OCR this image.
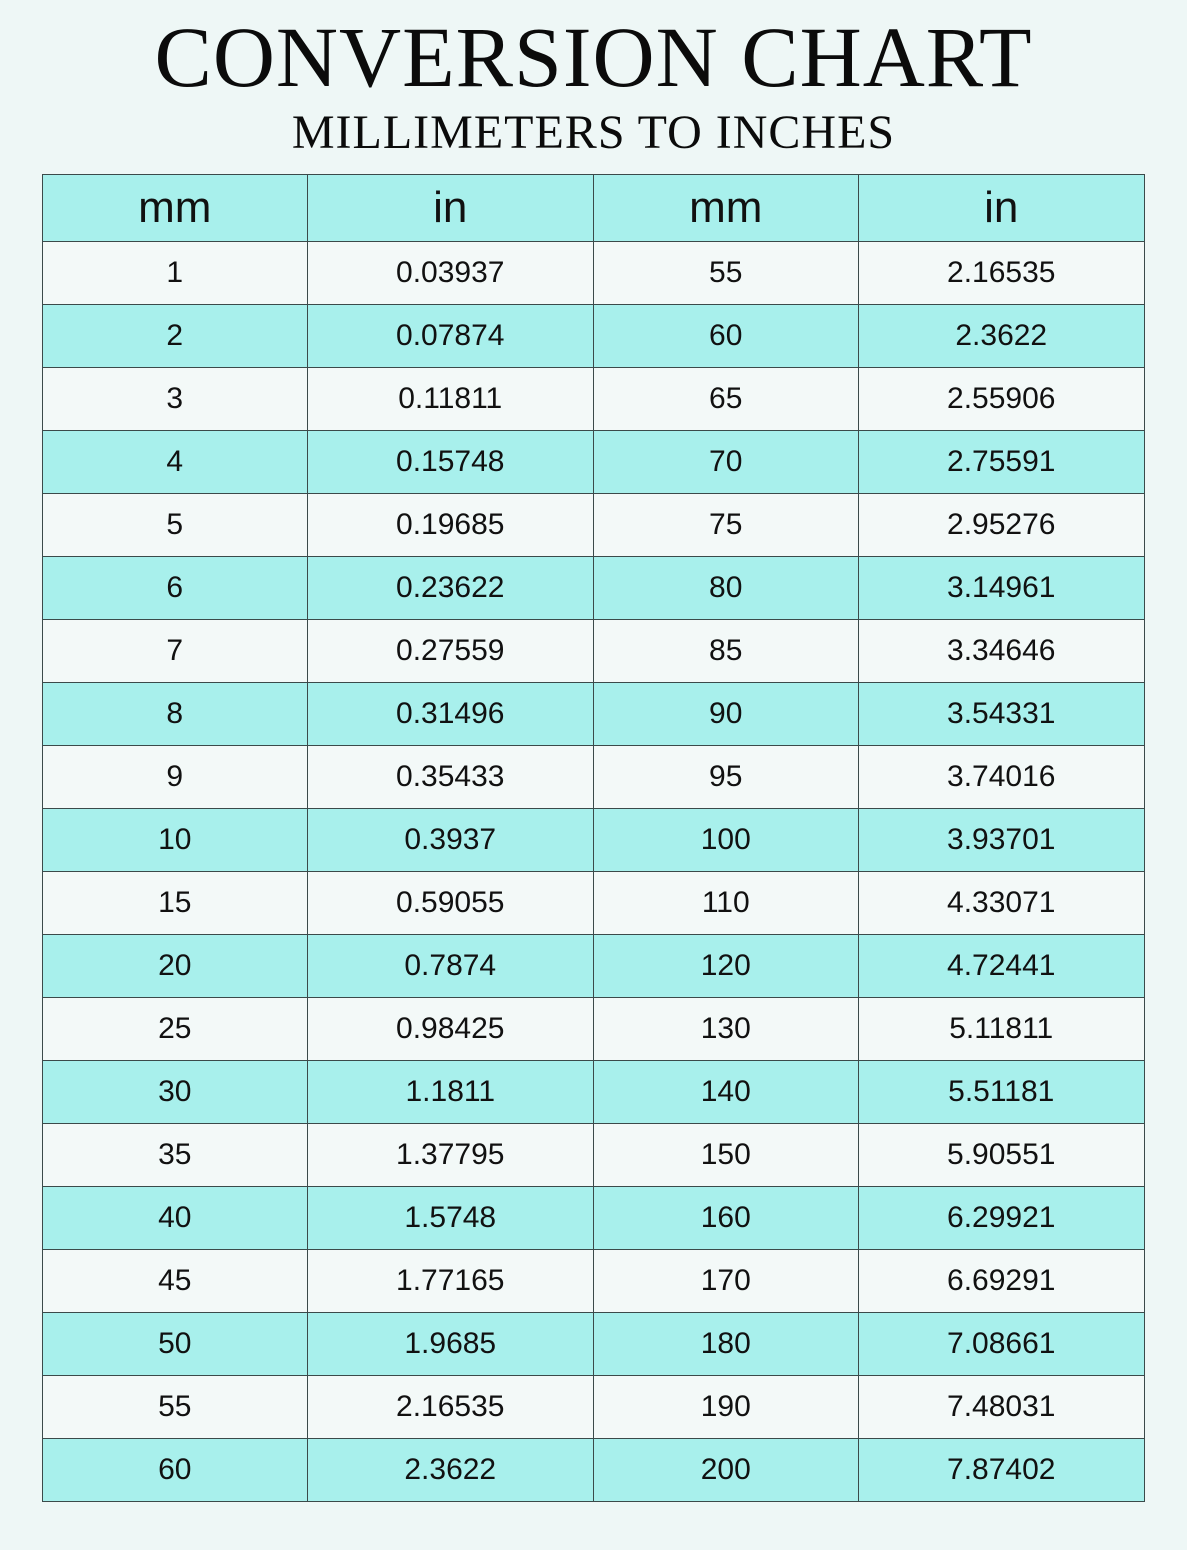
CONVERSION CHART
MILLIMETERS TO INCHES
mm	in	mm	in
1	0.03937	55	2.16535
2	0.07874	60	2.3622
3	0.11811	65	2.55906
4	0.15748	70	2.75591
5	0.19685	75	2.95276
6	0.23622	80	3.14961
7	0.27559	85	3.34646
8	0.31496	90	3.54331
9	0.35433	95	3.74016
10	0.3937	100	3.93701
15	0.59055	110	4.33071
20	0.7874	120	4.72441
25	0.98425	130	5.11811
30	1.1811	140	5.51181
35	1.37795	150	5.90551
40	1.5748	160	6.29921
45	1.77165	170	6.69291
50	1.9685	180	7.08661
55	2.16535	190	7.48031
60	2.3622	200	7.87402
